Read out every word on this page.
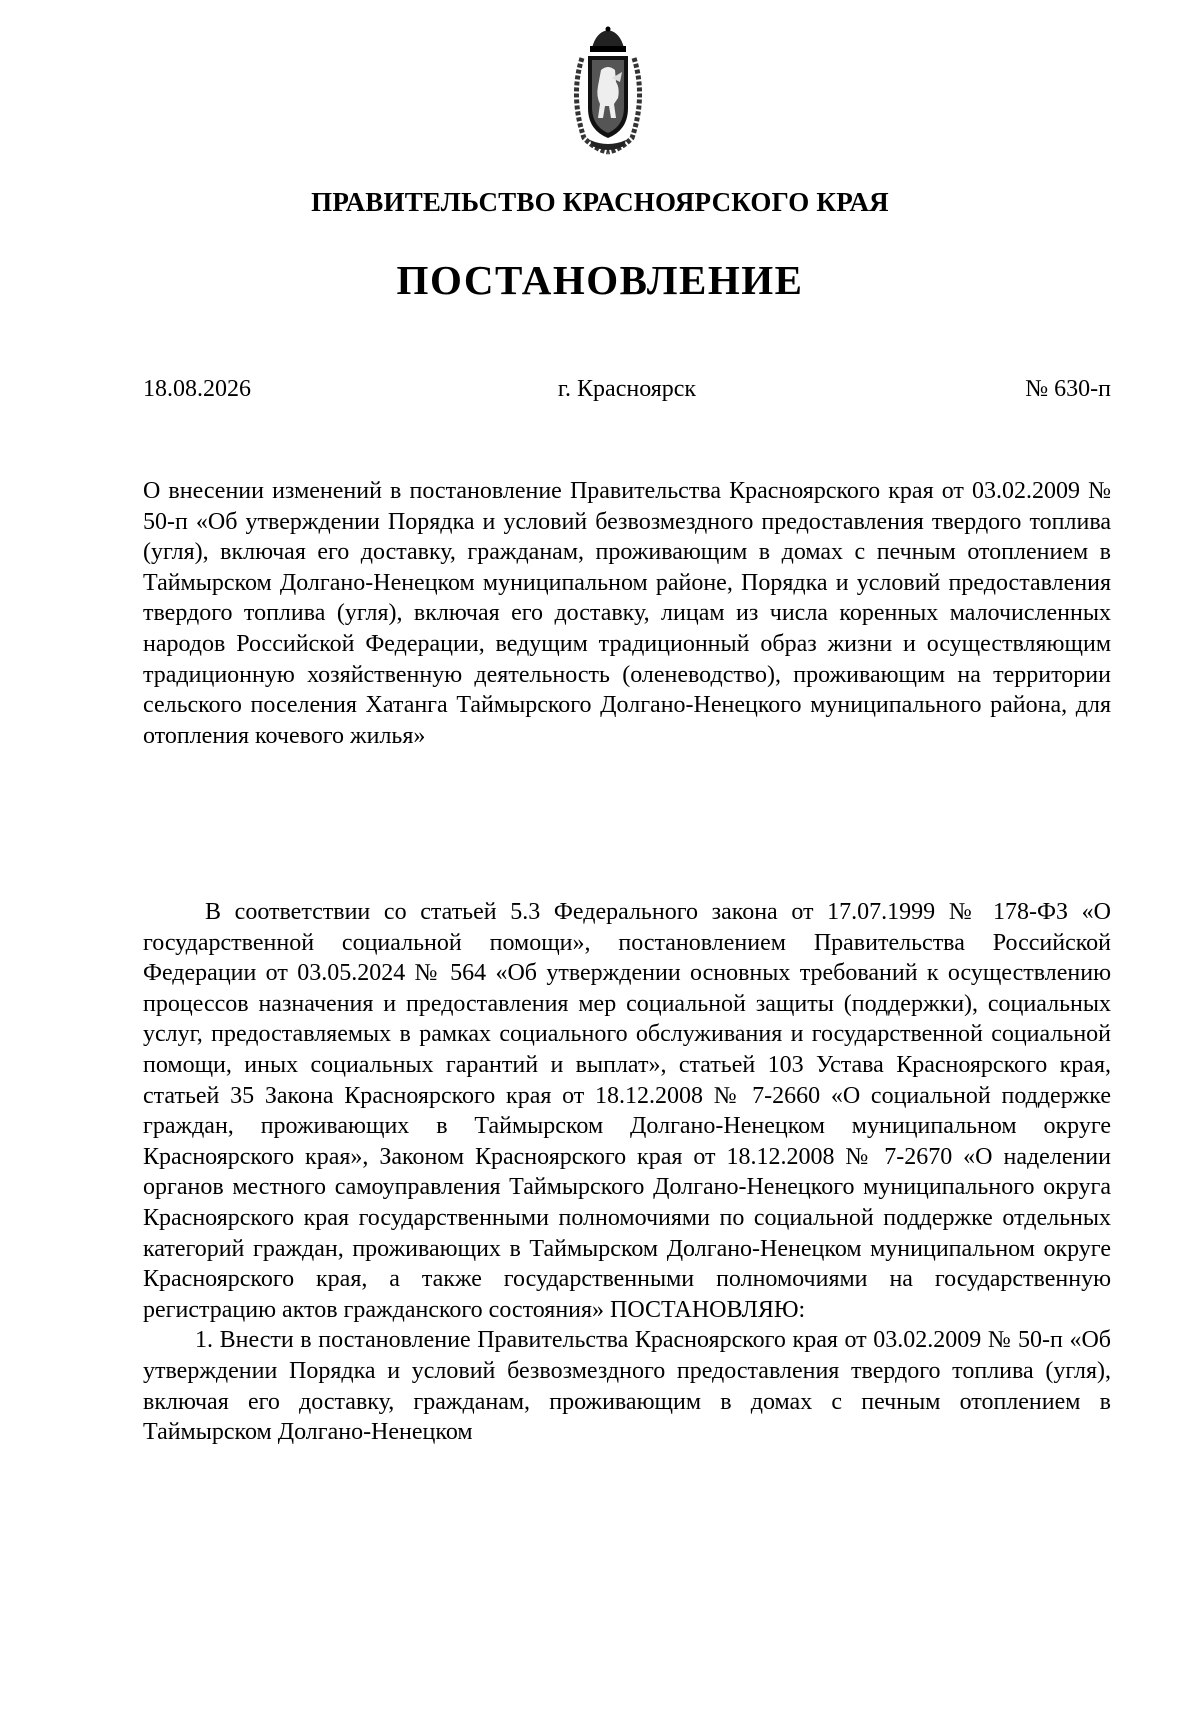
ПРАВИТЕЛЬСТВО КРАСНОЯРСКОГО КРАЯ
ПОСТАНОВЛЕНИЕ
18.08.2026	г. Красноярск	№ 630-п

О внесении изменений в постановление Правительства Красноярского края от 03.02.2009 № 50-п «Об утверждении Порядка и условий безвозмездного предоставления твердого топлива (угля), включая его доставку, гражданам, проживающим в домах с печным отоплением в Таймырском Долгано-Ненецком муниципальном районе, Порядка и условий предоставления твердого топлива (угля), включая его доставку, лицам из числа коренных малочисленных народов Российской Федерации, ведущим традиционный образ жизни и осуществляющим традиционную хозяйственную деятельность (оленеводство), проживающим на территории сельского поселения Хатанга Таймырского Долгано-Ненецкого муниципального района, для отопления кочевого жилья»

В соответствии со статьей 5.3 Федерального закона от 17.07.1999 № 178-ФЗ «О государственной социальной помощи», постановлением Правительства Российской Федерации от 03.05.2024 № 564 «Об утверждении основных требований к осуществлению процессов назначения и предоставления мер социальной защиты (поддержки), социальных услуг, предоставляемых в рамках социального обслуживания и государственной социальной помощи, иных социальных гарантий и выплат», статьей 103 Устава Красноярского края, статьей 35 Закона Красноярского края от 18.12.2008 № 7-2660 «О социальной поддержке граждан, проживающих в Таймырском Долгано-Ненецком муниципальном округе Красноярского края», Законом Красноярского края от 18.12.2008 № 7-2670 «О наделении органов местного самоуправления Таймырского Долгано-Ненецкого муниципального округа Красноярского края государственными полномочиями по социальной поддержке отдельных категорий граждан, проживающих в Таймырском Долгано-Ненецком муниципальном округе Красноярского края, а также государственными полномочиями на государственную регистрацию актов гражданского состояния» ПОСТАНОВЛЯЮ:

1. Внести в постановление Правительства Красноярского края от 03.02.2009 № 50-п «Об утверждении Порядка и условий безвозмездного предоставления твердого топлива (угля), включая его доставку, гражданам, проживающим в домах с печным отоплением в Таймырском Долгано-Ненецком
